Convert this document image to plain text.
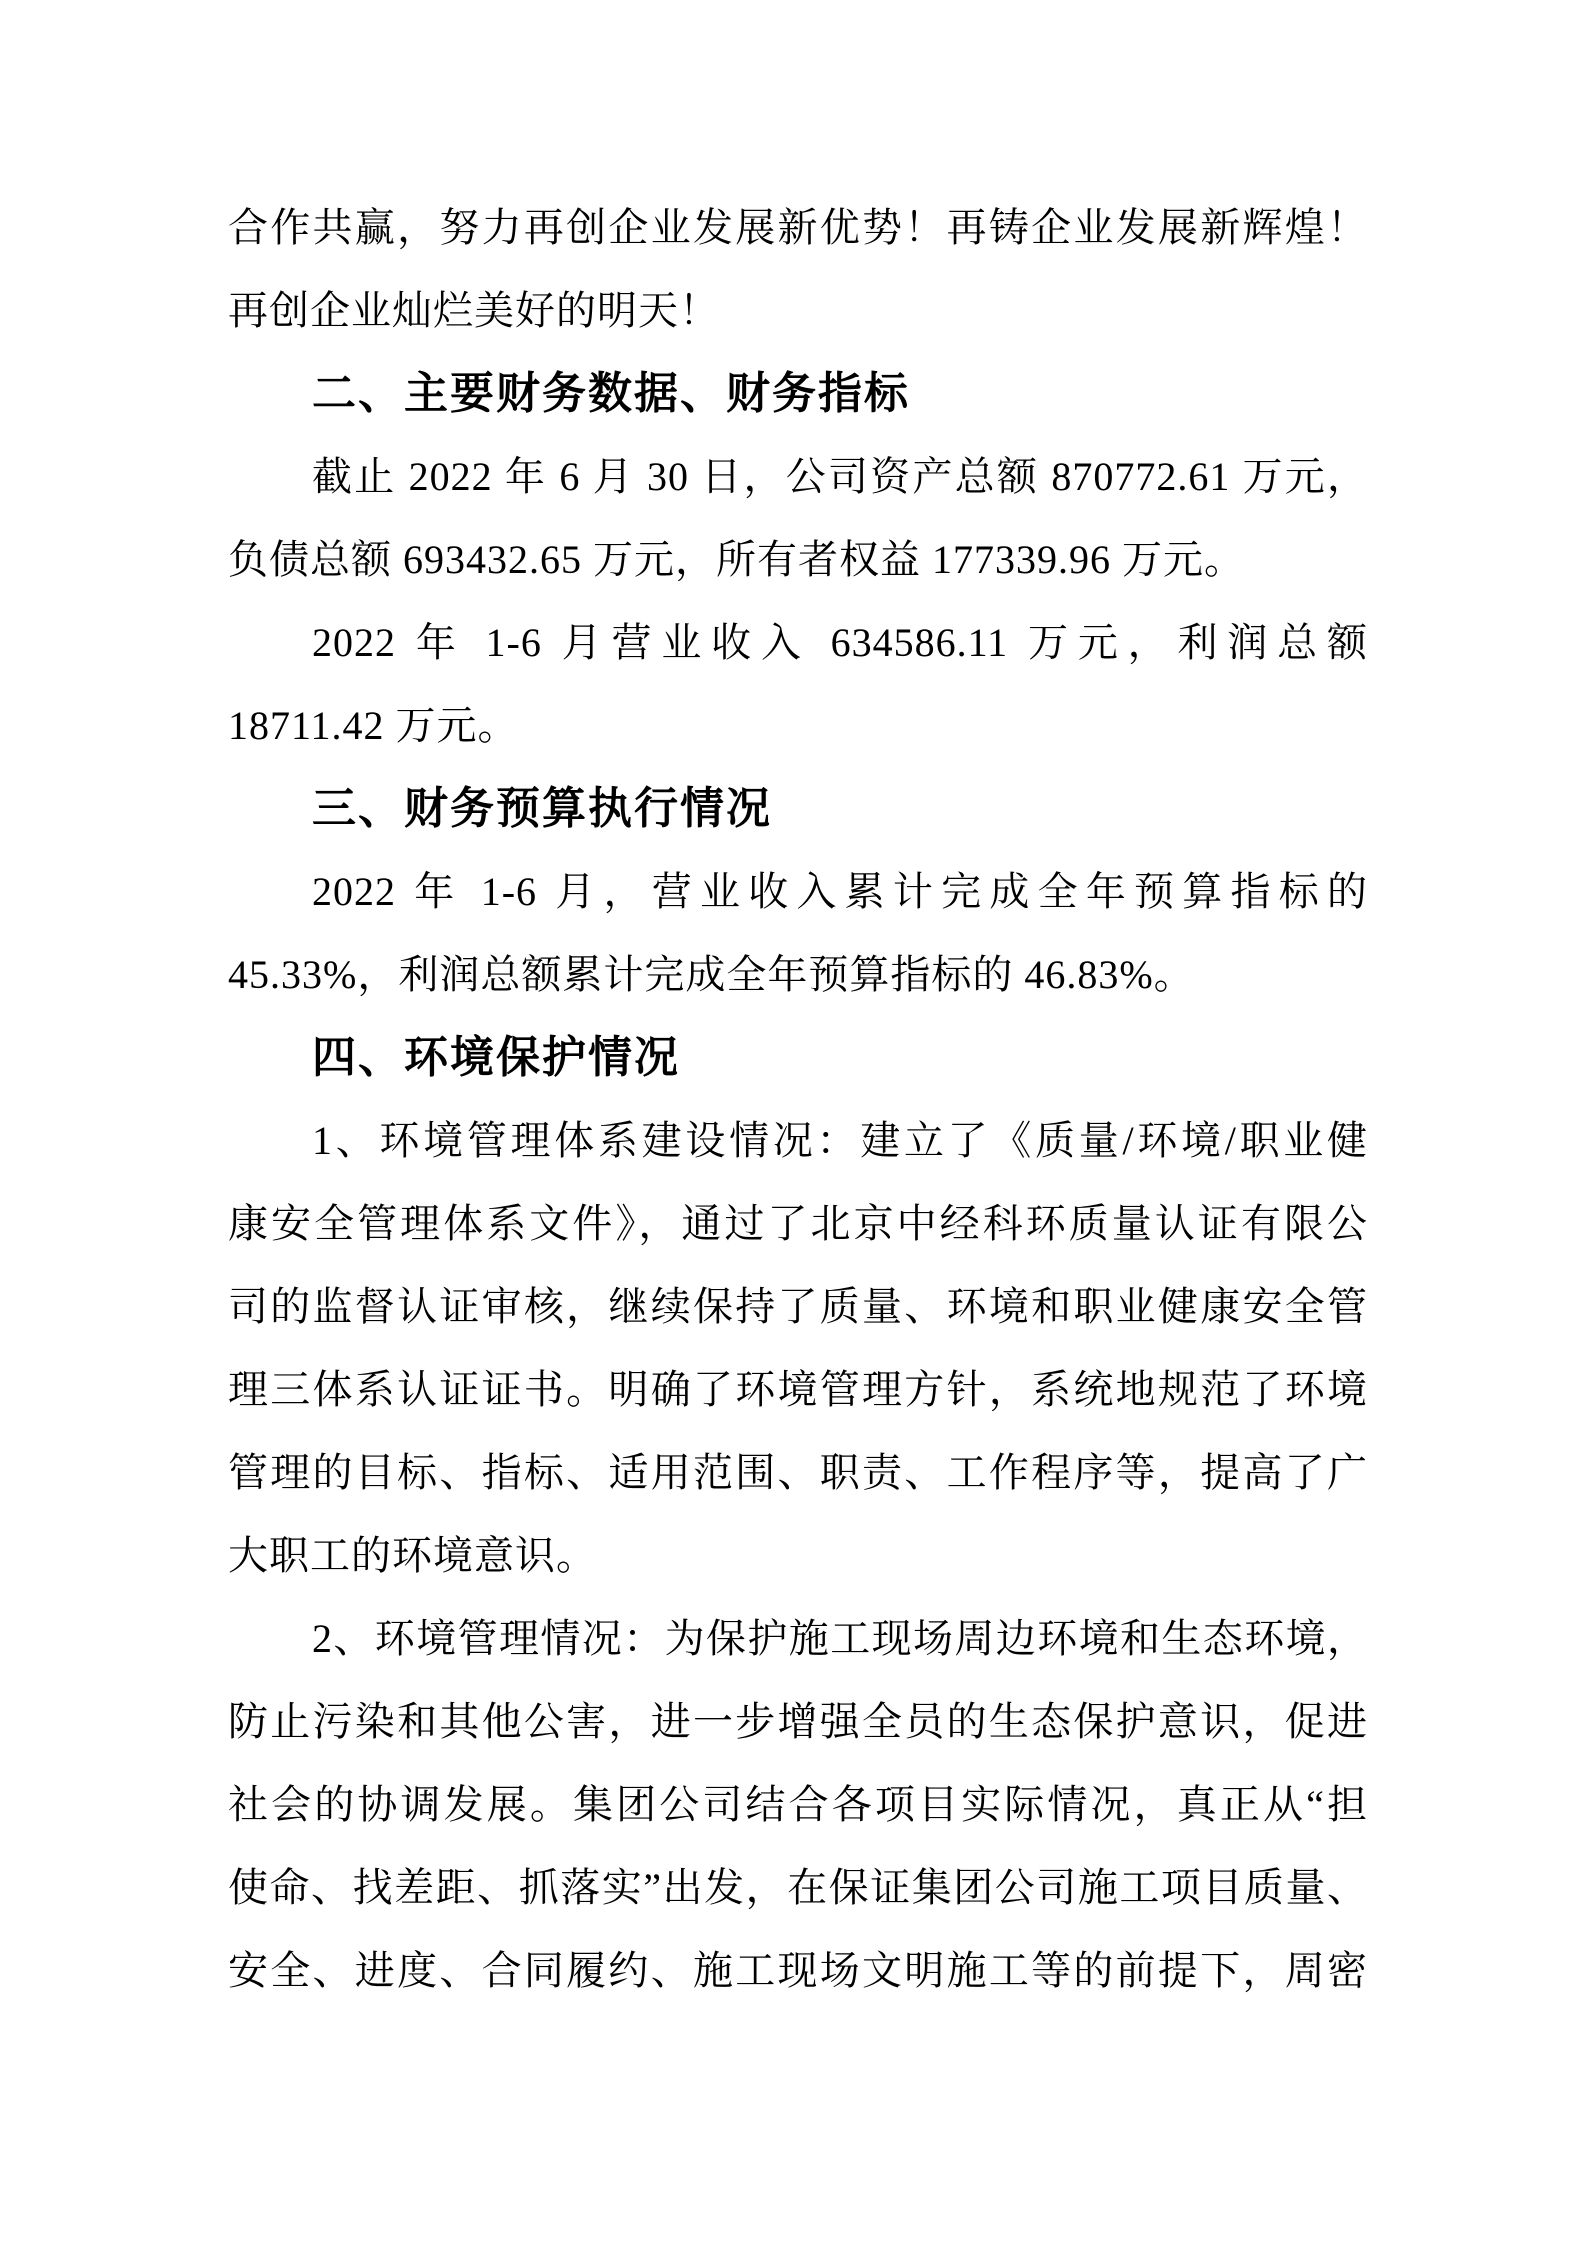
合作共赢，努力再创企业发展新优势！再铸企业发展新辉煌！
再创企业灿烂美好的明天！
二、主要财务数据、财务指标
截止 2022 年 6 月 30 日，公司资产总额 870772.61 万元，
负债总额 693432.65 万元，所有者权益 177339.96 万元。
2022 年 1-6 月营业收入 634586.11 万元，利润总额
18711.42 万元。
三、财务预算执行情况
2022 年 1-6 月，营业收入累计完成全年预算指标的
45.33%，利润总额累计完成全年预算指标的 46.83%。
四、环境保护情况
1、环境管理体系建设情况：建立了《质量/环境/职业健
康安全管理体系文件》，通过了北京中经科环质量认证有限公
司的监督认证审核，继续保持了质量、环境和职业健康安全管
理三体系认证证书。明确了环境管理方针，系统地规范了环境
管理的目标、指标、适用范围、职责、工作程序等，提高了广
大职工的环境意识。
2、环境管理情况：为保护施工现场周边环境和生态环境，
防止污染和其他公害，进一步增强全员的生态保护意识，促进
社会的协调发展。集团公司结合各项目实际情况，真正从“担
使命、找差距、抓落实”出发，在保证集团公司施工项目质量、
安全、进度、合同履约、施工现场文明施工等的前提下，周密
